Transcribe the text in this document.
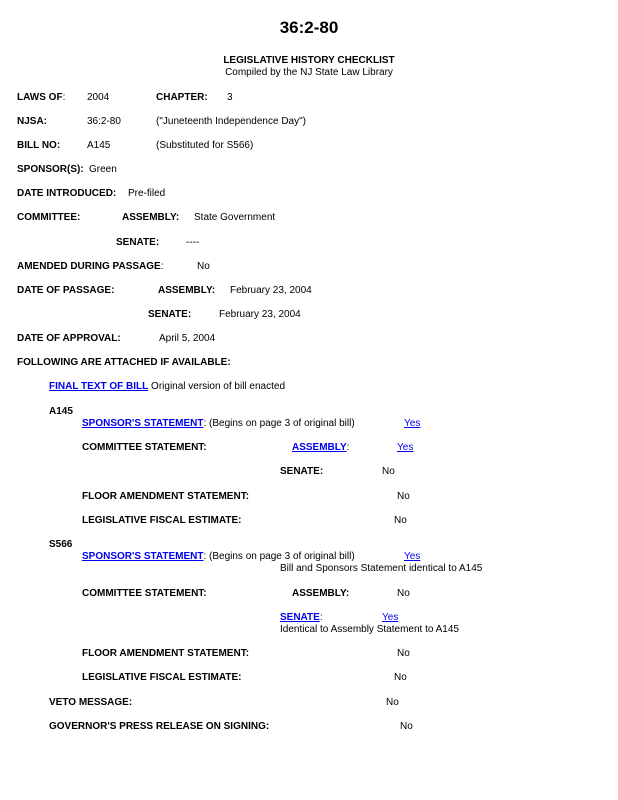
36:2-80
LEGISLATIVE HISTORY CHECKLIST
Compiled by the NJ State Law Library
LAWS OF: 2004	CHAPTER: 3
NJSA:	36:2-80	("Juneteenth Independence Day")
BILL NO:	A145	(Substituted for S566)
SPONSOR(S): Green
DATE INTRODUCED: Pre-filed
COMMITTEE:	ASSEMBLY: State Government
SENATE:	----
AMENDED DURING PASSAGE:	No
DATE OF PASSAGE:	ASSEMBLY: February 23, 2004
SENATE:	February 23, 2004
DATE OF APPROVAL:	April 5, 2004
FOLLOWING ARE ATTACHED IF AVAILABLE:
FINAL TEXT OF BILL Original version of bill enacted
A145
SPONSOR'S STATEMENT: (Begins on page 3 of original bill)	Yes
COMMITTEE STATEMENT:	ASSEMBLY:	Yes
SENATE:	No
FLOOR AMENDMENT STATEMENT:	No
LEGISLATIVE FISCAL ESTIMATE:	No
S566
SPONSOR'S STATEMENT: (Begins on page 3 of original bill)	Yes
Bill and Sponsors Statement identical to A145
COMMITTEE STATEMENT:	ASSEMBLY:	No
SENATE:	Yes
Identical to Assembly Statement to A145
FLOOR AMENDMENT STATEMENT:	No
LEGISLATIVE FISCAL ESTIMATE:	No
VETO MESSAGE:	No
GOVERNOR'S PRESS RELEASE ON SIGNING:	No
